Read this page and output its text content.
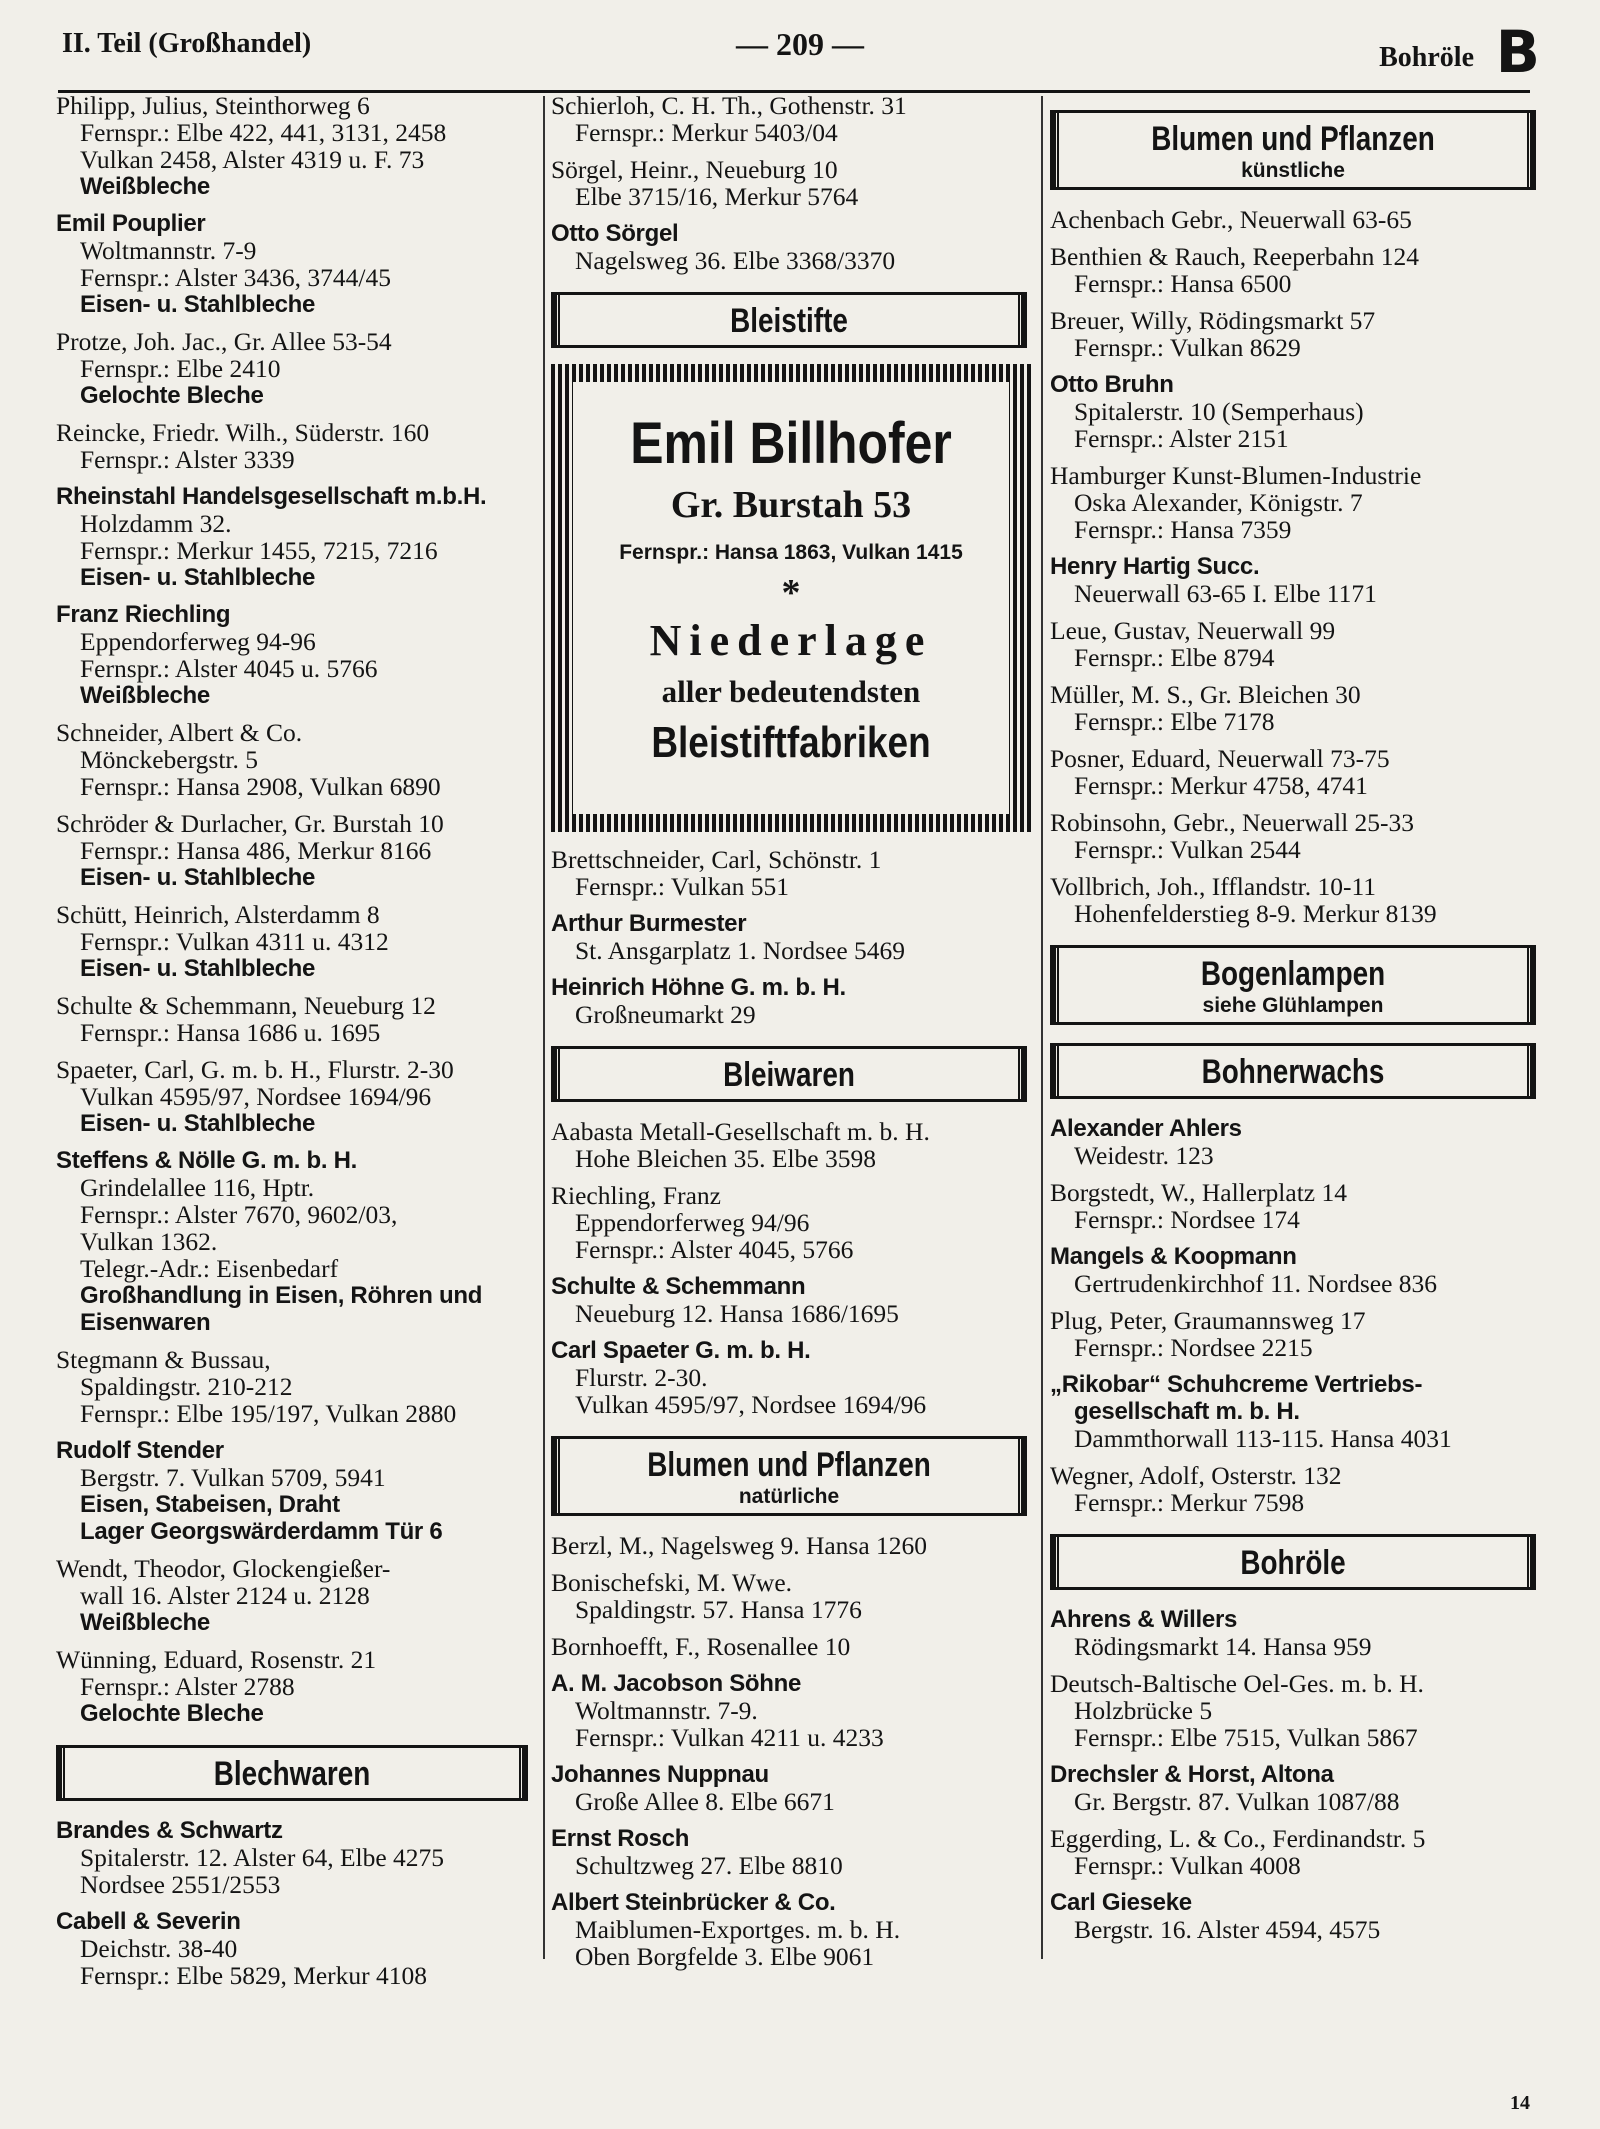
II. Teil (Großhandel)	— 209 —	Bohröle B
Philipp, Julius, Steinthorweg 6
Fernspr.: Elbe 422, 441, 3131, 2458
Vulkan 2458, Alster 4319 u. F. 73
Weißbleche
Emil Pouplier
Woltmannstr. 7-9
Fernspr.: Alster 3436, 3744/45
Eisen- u. Stahlbleche
Protze, Joh. Jac., Gr. Allee 53-54
Fernspr.: Elbe 2410
Gelochte Bleche
Reincke, Friedr. Wilh., Süderstr. 160
Fernspr.: Alster 3339
Rheinstahl Handelsgesellschaft m.b.H.
Holzdamm 32.
Fernspr.: Merkur 1455, 7215, 7216
Eisen- u. Stahlbleche
Franz Riechling
Eppendorferweg 94-96
Fernspr.: Alster 4045 u. 5766
Weißbleche
Schneider, Albert & Co.
Mönckebergstr. 5
Fernspr.: Hansa 2908, Vulkan 6890
Schröder & Durlacher, Gr. Burstah 10
Fernspr.: Hansa 486, Merkur 8166
Eisen- u. Stahlbleche
Schütt, Heinrich, Alsterdamm 8
Fernspr.: Vulkan 4311 u. 4312
Eisen- u. Stahlbleche
Schulte & Schemmann, Neueburg 12
Fernspr.: Hansa 1686 u. 1695
Spaeter, Carl, G. m. b. H., Flurstr. 2-30
Vulkan 4595/97, Nordsee 1694/96
Eisen- u. Stahlbleche
Steffens & Nölle G. m. b. H.
Grindelallee 116, Hptr.
Fernspr.: Alster 7670, 9602/03,
Vulkan 1362.
Telegr.-Adr.: Eisenbedarf
Großhandlung in Eisen, Röhren und
Eisenwaren
Stegmann & Bussau,
Spaldingstr. 210-212
Fernspr.: Elbe 195/197, Vulkan 2880
Rudolf Stender
Bergstr. 7. Vulkan 5709, 5941
Eisen, Stabeisen, Draht
Lager Georgswärderdamm Tür 6
Wendt, Theodor, Glockengießer-
wall 16. Alster 2124 u. 2128
Weißbleche
Wünning, Eduard, Rosenstr. 21
Fernspr.: Alster 2788
Gelochte Bleche
Blechwaren
Brandes & Schwartz
Spitalerstr. 12. Alster 64, Elbe 4275
Nordsee 2551/2553
Cabell & Severin
Deichstr. 38-40
Fernspr.: Elbe 5829, Merkur 4108
Schierloh, C. H. Th., Gothenstr. 31
Fernspr.: Merkur 5403/04
Sörgel, Heinr., Neueburg 10
Elbe 3715/16, Merkur 5764
Otto Sörgel
Nagelsweg 36. Elbe 3368/3370
Bleistifte
Emil Billhofer
Gr. Burstah 53
Fernspr.: Hansa 1863, Vulkan 1415
*
Niederlage
aller bedeutendsten
Bleistiftfabriken
Brettschneider, Carl, Schönstr. 1
Fernspr.: Vulkan 551
Arthur Burmester
St. Ansgarplatz 1. Nordsee 5469
Heinrich Höhne G. m. b. H.
Großneumarkt 29
Bleiwaren
Aabasta Metall-Gesellschaft m. b. H.
Hohe Bleichen 35. Elbe 3598
Riechling, Franz
Eppendorferweg 94/96
Fernspr.: Alster 4045, 5766
Schulte & Schemmann
Neueburg 12. Hansa 1686/1695
Carl Spaeter G. m. b. H.
Flurstr. 2-30.
Vulkan 4595/97, Nordsee 1694/96
Blumen und Pflanzen
natürliche
Berzl, M., Nagelsweg 9. Hansa 1260
Bonischefski, M. Wwe.
Spaldingstr. 57. Hansa 1776
Bornhoefft, F., Rosenallee 10
A. M. Jacobson Söhne
Woltmannstr. 7-9.
Fernspr.: Vulkan 4211 u. 4233
Johannes Nuppnau
Große Allee 8. Elbe 6671
Ernst Rosch
Schultzweg 27. Elbe 8810
Albert Steinbrücker & Co.
Maiblumen-Exportges. m. b. H.
Oben Borgfelde 3. Elbe 9061
Blumen und Pflanzen
künstliche
Achenbach Gebr., Neuerwall 63-65
Benthien & Rauch, Reeperbahn 124
Fernspr.: Hansa 6500
Breuer, Willy, Rödingsmarkt 57
Fernspr.: Vulkan 8629
Otto Bruhn
Spitalerstr. 10 (Semperhaus)
Fernspr.: Alster 2151
Hamburger Kunst-Blumen-Industrie
Oska Alexander, Königstr. 7
Fernspr.: Hansa 7359
Henry Hartig Succ.
Neuerwall 63-65 I. Elbe 1171
Leue, Gustav, Neuerwall 99
Fernspr.: Elbe 8794
Müller, M. S., Gr. Bleichen 30
Fernspr.: Elbe 7178
Posner, Eduard, Neuerwall 73-75
Fernspr.: Merkur 4758, 4741
Robinsohn, Gebr., Neuerwall 25-33
Fernspr.: Vulkan 2544
Vollbrich, Joh., Ifflandstr. 10-11
Hohenfelderstieg 8-9. Merkur 8139
Bogenlampen
siehe Glühlampen
Bohnerwachs
Alexander Ahlers
Weidestr. 123
Borgstedt, W., Hallerplatz 14
Fernspr.: Nordsee 174
Mangels & Koopmann
Gertrudenkirchhof 11. Nordsee 836
Plug, Peter, Graumannsweg 17
Fernspr.: Nordsee 2215
„Rikobar“ Schuhcreme Vertriebs-
gesellschaft m. b. H.
Dammthorwall 113-115. Hansa 4031
Wegner, Adolf, Osterstr. 132
Fernspr.: Merkur 7598
Bohröle
Ahrens & Willers
Rödingsmarkt 14. Hansa 959
Deutsch-Baltische Oel-Ges. m. b. H.
Holzbrücke 5
Fernspr.: Elbe 7515, Vulkan 5867
Drechsler & Horst, Altona
Gr. Bergstr. 87. Vulkan 1087/88
Eggerding, L. & Co., Ferdinandstr. 5
Fernspr.: Vulkan 4008
Carl Gieseke
Bergstr. 16. Alster 4594, 4575
14
